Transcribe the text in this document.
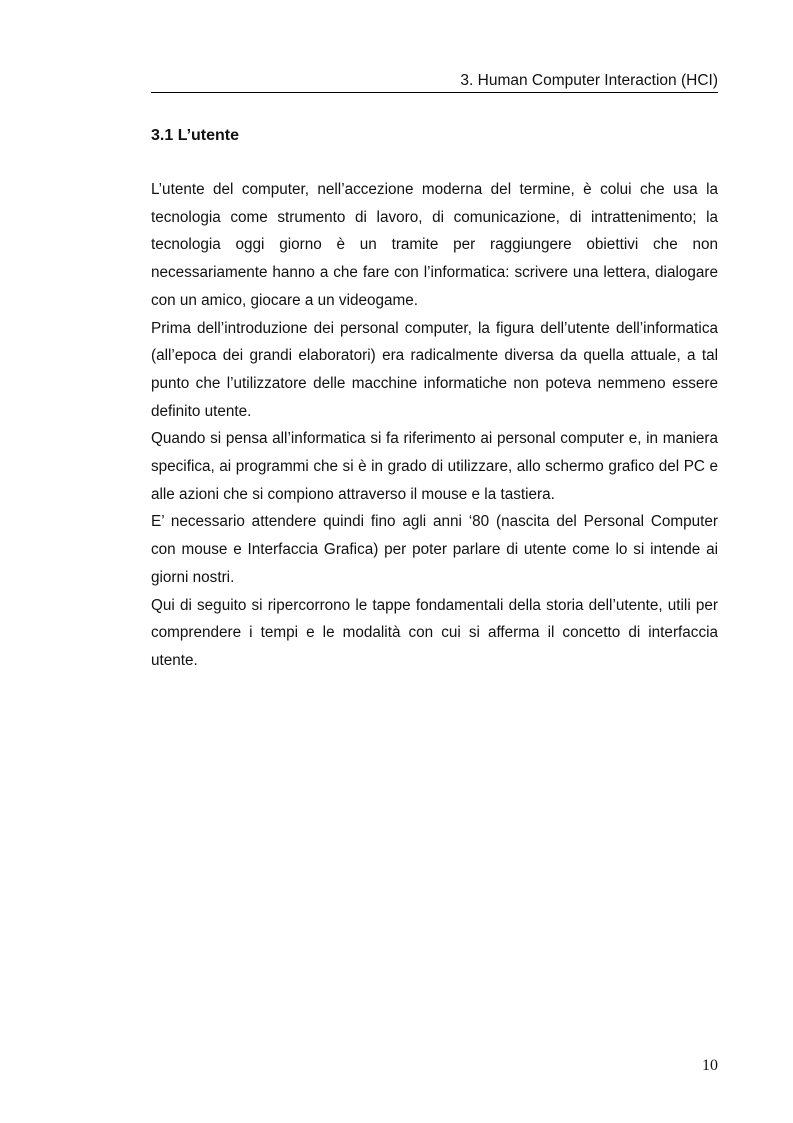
3. Human Computer Interaction (HCI)
3.1 L’utente

L’utente del computer, nell’accezione moderna del termine, è colui che usa la tecnologia come strumento di lavoro, di comunicazione, di intrattenimento; la tecnologia oggi giorno è un tramite per raggiungere obiettivi che non necessariamente hanno a che fare con l’informatica: scrivere una lettera, dialogare con un amico, giocare a un videogame.

Prima dell’introduzione dei personal computer, la figura dell’utente dell’informatica (all’epoca dei grandi elaboratori) era radicalmente diversa da quella attuale, a tal punto che l’utilizzatore delle macchine informatiche non poteva nemmeno essere definito utente.

Quando si pensa all’informatica si fa riferimento ai personal computer e, in maniera specifica, ai programmi che si è in grado di utilizzare, allo schermo grafico del PC e alle azioni che si compiono attraverso il mouse e la tastiera.

E’ necessario attendere quindi fino agli anni ‘80 (nascita del Personal Computer con mouse e Interfaccia Grafica) per poter parlare di utente come lo si intende ai giorni nostri.

Qui di seguito si ripercorrono le tappe fondamentali della storia dell’utente, utili per comprendere i tempi e le modalità con cui si afferma il concetto di interfaccia utente.

10
